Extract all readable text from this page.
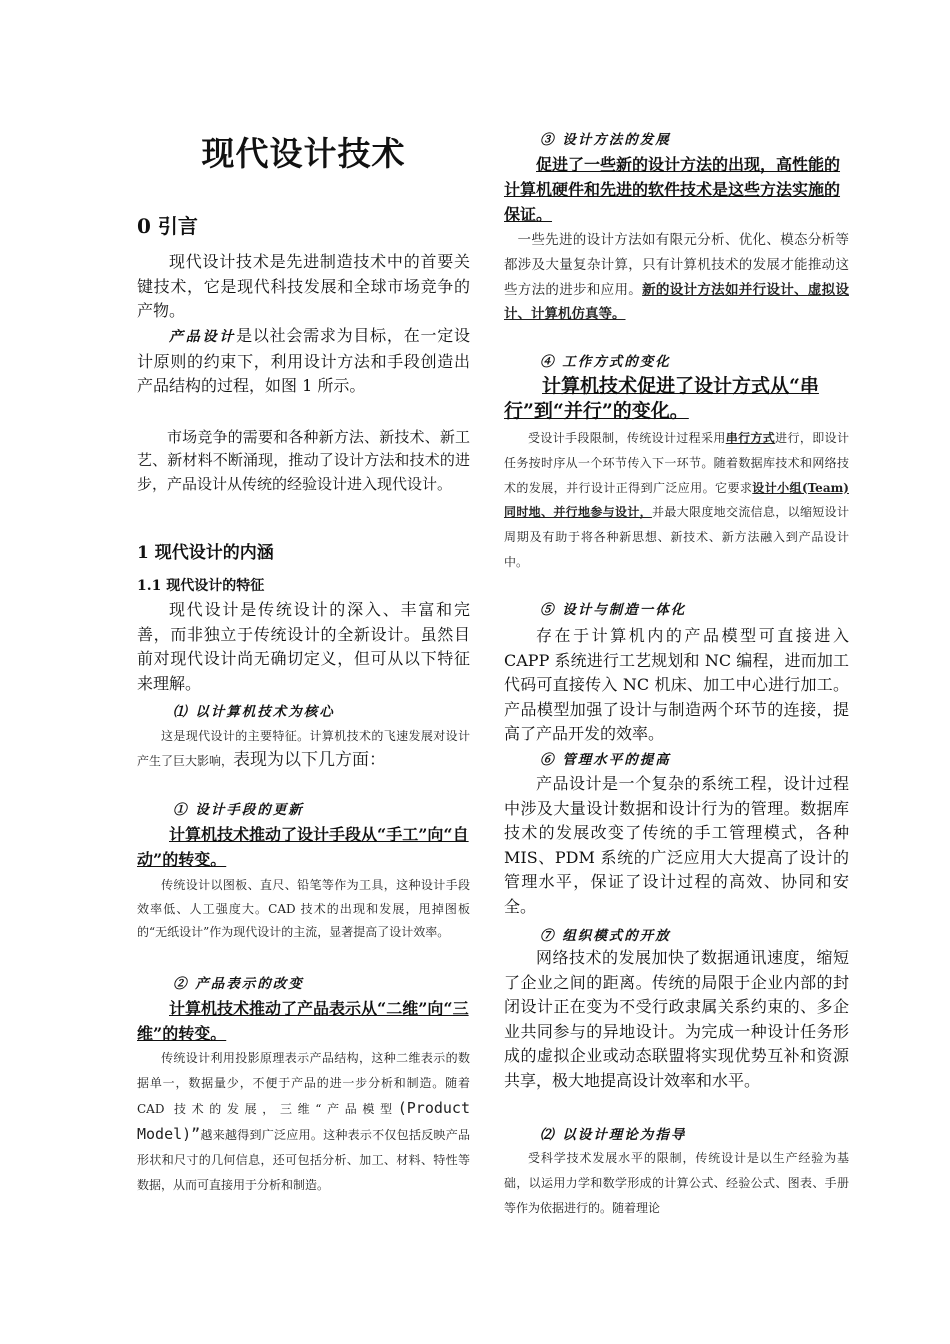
现代设计技术
0 引言

现代设计技术是先进制造技术中的首要关键技术，它是现代科技发展和全球市场竞争的产物。

产品设计是以社会需求为目标，在一定设计原则的约束下，利用设计方法和手段创造出产品结构的过程，如图 1 所示。

市场竞争的需要和各种新方法、新技术、新工艺、新材料不断涌现，推动了设计方法和技术的进步，产品设计从传统的经验设计进入现代设计。

1 现代设计的内涵
1.1 现代设计的特征

现代设计是传统设计的深入、丰富和完善，而非独立于传统设计的全新设计。虽然目前对现代设计尚无确切定义，但可从以下特征来理解。

⑴ 以计算机技术为核心

这是现代设计的主要特征。计算机技术的飞速发展对设计产生了巨大影响，表现为以下几方面：

① 设计手段的更新

计算机技术推动了设计手段从“手工”向“自动”的转变。

传统设计以图板、直尺、铅笔等作为工具，这种设计手段效率低、人工强度大。CAD 技术的出现和发展，甩掉图板的“无纸设计”作为现代设计的主流，显著提高了设计效率。

② 产品表示的改变

计算机技术推动了产品表示从“二维”向“三维”的转变。

传统设计利用投影原理表示产品结构，这种二维表示的数据单一，数据量少，不便于产品的进一步分析和制造。随着 CAD 技术的发展，三维“产品模型(Product Model)”越来越得到广泛应用。这种表示不仅包括反映产品形状和尺寸的几何信息，还可包括分析、加工、材料、特性等数据，从而可直接用于分析和制造。

③ 设计方法的发展

促进了一些新的设计方法的出现，高性能的计算机硬件和先进的软件技术是这些方法实施的保证。

一些先进的设计方法如有限元分析、优化、模态分析等都涉及大量复杂计算，只有计算机技术的发展才能推动这些方法的进步和应用。新的设计方法如并行设计、虚拟设计、计算机仿真等。

④ 工作方式的变化

计算机技术促进了设计方式从“串行”到“并行”的变化。

受设计手段限制，传统设计过程采用串行方式进行，即设计任务按时序从一个环节传入下一环节。随着数据库技术和网络技术的发展，并行设计正得到广泛应用。它要求设计小组(Team)同时地、并行地参与设计，并最大限度地交流信息，以缩短设计周期及有助于将各种新思想、新技术、新方法融入到产品设计中。

⑤ 设计与制造一体化

存在于计算机内的产品模型可直接进入 CAPP 系统进行工艺规划和 NC 编程，进而加工代码可直接传入 NC 机床、加工中心进行加工。产品模型加强了设计与制造两个环节的连接，提高了产品开发的效率。

⑥ 管理水平的提高

产品设计是一个复杂的系统工程，设计过程中涉及大量设计数据和设计行为的管理。数据库技术的发展改变了传统的手工管理模式，各种 MIS、PDM 系统的广泛应用大大提高了设计的管理水平，保证了设计过程的高效、协同和安全。

⑦ 组织模式的开放

网络技术的发展加快了数据通讯速度，缩短了企业之间的距离。传统的局限于企业内部的封闭设计正在变为不受行政隶属关系约束的、多企业共同参与的异地设计。为完成一种设计任务形成的虚拟企业或动态联盟将实现优势互补和资源共享，极大地提高设计效率和水平。

⑵ 以设计理论为指导

受科学技术发展水平的限制，传统设计是以生产经验为基础，以运用力学和数学形成的计算公式、经验公式、图表、手册等作为依据进行的。随着理论
